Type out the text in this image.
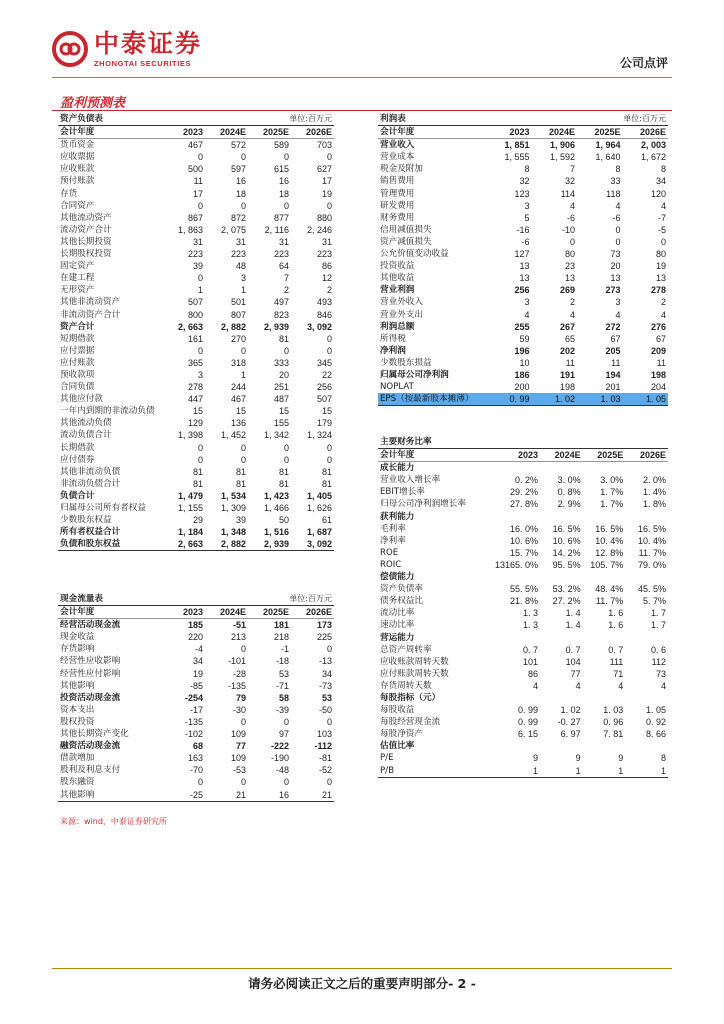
中泰证券
ZHONGTAI SECURITIES	公司点评
盈利预测表
资产负债表	单位:百万元			
会计年度	2023	2024E	2025E	2026E
货币资金	467	572	589	703
应收票据	0	0	0	0
应收账款	500	597	615	627
预付账款	11	16	16	17
存货	17	18	18	19
合同资产	0	0	0	0
其他流动资产	867	872	877	880
流动资产合计	1, 863	2, 075	2, 116	2, 246
其他长期投资	31	31	31	31
长期股权投资	223	223	223	223
固定资产	39	48	64	86
在建工程	0	3	7	12
无形资产	1	1	2	2
其他非流动资产	507	501	497	493
非流动资产合计	800	807	823	846
资产合计	2, 663	2, 882	2, 939	3, 092
短期借款	161	270	81	0
应付票据	0	0	0	0
应付账款	365	318	333	345
预收款项	3	1	20	22
合同负债	278	244	251	256
其他应付款	447	467	487	507
一年内到期的非流动负债	15	15	15	15
其他流动负债	129	136	155	179
流动负债合计	1, 398	1, 452	1, 342	1, 324
长期借款	0	0	0	0
应付债券	0	0	0	0
其他非流动负债	81	81	81	81
非流动负债合计	81	81	81	81
负债合计	1, 479	1, 534	1, 423	1, 405
归属母公司所有者权益	1, 155	1, 309	1, 466	1, 626
少数股东权益	29	39	50	61
所有者权益合计	1, 184	1, 348	1, 516	1, 687
负债和股东权益	2, 663	2, 882	2, 939	3, 092
利润表	单位:百万元			
会计年度	2023	2024E	2025E	2026E
营业收入	1, 851	1, 906	1, 964	2, 003
营业成本	1, 555	1, 592	1, 640	1, 672
税金及附加	8	7	8	8
销售费用	32	32	33	34
管理费用	123	114	118	120
研发费用	3	4	4	4
财务费用	5	-6	-6	-7
信用减值损失	-16	-10	0	-5
资产减值损失	-6	0	0	0
公允价值变动收益	127	80	73	80
投资收益	13	23	20	19
其他收益	13	13	13	13
营业利润	256	269	273	278
营业外收入	3	2	3	2
营业外支出	4	4	4	4
利润总额	255	267	272	276
所得税	59	65	67	67
净利润	196	202	205	209
少数股东损益	10	11	11	11
归属母公司净利润	186	191	194	198
NOPLAT	200	198	201	204
EPS（按最新股本摊薄）	0. 99	1. 02	1. 03	1. 05
主要财务比率				
会计年度	2023	2024E	2025E	2026E
成长能力				
营业收入增长率	0. 2%	3. 0%	3. 0%	2. 0%
EBIT增长率	29. 2%	0. 8%	1. 7%	1. 4%
归母公司净利润增长率	27. 8%	2. 9%	1. 7%	1. 8%
获利能力				
毛利率	16. 0%	16. 5%	16. 5%	16. 5%
净利率	10. 6%	10. 6%	10. 4%	10. 4%
ROE	15. 7%	14. 2%	12. 8%	11. 7%
ROIC	13165. 0%	95. 5%	105. 7%	79. 0%
偿债能力				
资产负债率	55. 5%	53. 2%	48. 4%	45. 5%
债务权益比	21. 8%	27. 2%	11. 7%	5. 7%
流动比率	1. 3	1. 4	1. 6	1. 7
速动比率	1. 3	1. 4	1. 6	1. 7
营运能力				
总资产周转率	0. 7	0. 7	0. 7	0. 6
应收账款周转天数	101	104	111	112
应付账款周转天数	86	77	71	73
存货周转天数	4	4	4	4
每股指标（元）				
每股收益	0. 99	1. 02	1. 03	1. 05
每股经营现金流	0. 99	-0. 27	0. 96	0. 92
每股净资产	6. 15	6. 97	7. 81	8. 66
估值比率				
P/E	9	9	9	8
P/B	1	1	1	1
现金流量表	单位:百万元			
会计年度	2023	2024E	2025E	2026E
经营活动现金流	185	-51	181	173
现金收益	220	213	218	225
存货影响	-4	0	-1	0
经营性应收影响	34	-101	-18	-13
经营性应付影响	19	-28	53	34
其他影响	-85	-135	-71	-73
投资活动现金流	-254	79	58	53
资本支出	-17	-30	-39	-50
股权投资	-135	0	0	0
其他长期资产变化	-102	109	97	103
融资活动现金流	68	77	-222	-112
借款增加	163	109	-190	-81
股利及利息支付	-70	-53	-48	-52
股东融资	0	0	0	0
其他影响	-25	21	16	21
来源：wind，中泰证券研究所
请务必阅读正文之后的重要声明部分- 2 -
